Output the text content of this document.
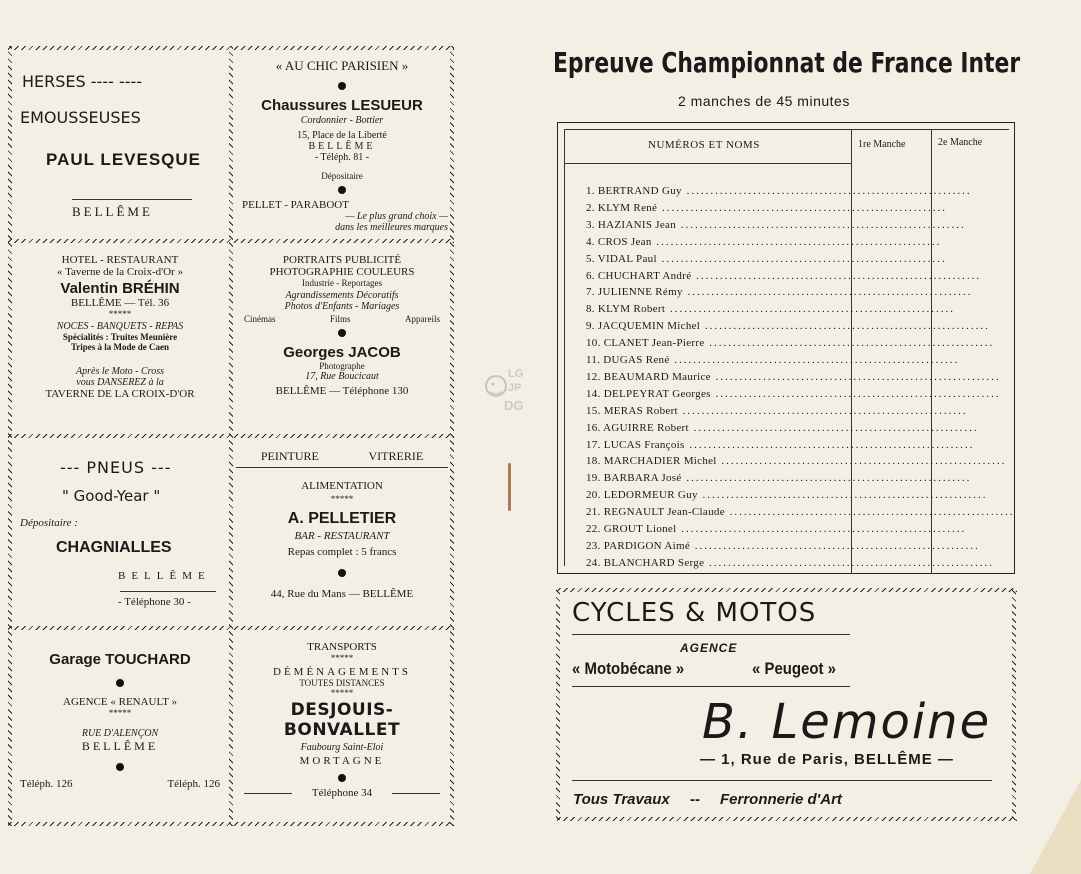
HERSES ---- ----
EMOUSSEUSES
PAUL LEVESQUE
BELLÊME
« AU CHIC PARISIEN »
Chaussures LESUEUR
Cordonnier - Bottier
15, Place de la Liberté
BELLÊME
- Téléph. 81 -
Dépositaire
PELLET - PARABOOT
— Le plus grand choix —
dans les meilleures marques
HOTEL - RESTAURANT
« Taverne de la Croix-d'Or »
Valentin BRÉHIN
BELLÊME — Tél. 36
*****
NOCES - BANQUETS - REPAS
Spécialités : Truites Meunière
Tripes à la Mode de Caen
Après le Moto - Cross
vous DANSEREZ à la
TAVERNE DE LA CROIX-D'OR
PORTRAITS PUBLICITÉ
PHOTOGRAPHIE COULEURS
Industrie - Reportages
Agrandissements Décoratifs
Photos d'Enfants - Mariages
Cinémas	Films	Appareils
Georges JACOB
Photographe
17, Rue Boucicaut
BELLÊME — Téléphone 130
--- PNEUS ---
" Good-Year "
Dépositaire :
CHAGNIALLES
BELLÊME
- Téléphone 30 -
PEINTURE	VITRERIE
ALIMENTATION
*****
A. PELLETIER
BAR - RESTAURANT
Repas complet : 5 francs
44, Rue du Mans — BELLÊME
Garage TOUCHARD
AGENCE « RENAULT »
*****
RUE D'ALENÇON
BELLÊME
Téléph. 126	Téléph. 126
TRANSPORTS
*****
DÉMÉNAGEMENTS
TOUTES DISTANCES
*****
DESJOUIS-BONVALLET
Faubourg Saint-Eloi
MORTAGNE
Téléphone 34
LG
JP
DG
Epreuve Championnat de France Inter
2 manches de 45 minutes
NUMÉROS ET NOMS	1re Manche	2e Manche
1. BERTRAND Guy ............................................................
2. KLYM René ............................................................
3. HAZIANIS Jean ............................................................
4. CROS Jean ............................................................
5. VIDAL Paul ............................................................
6. CHUCHART André ............................................................
7. JULIENNE Rémy ............................................................
8. KLYM Robert ............................................................
9. JACQUEMIN Michel ............................................................
10. CLANET Jean-Pierre ............................................................
11. DUGAS René ............................................................
12. BEAUMARD Maurice ............................................................
14. DELPEYRAT Georges ............................................................
15. MERAS Robert ............................................................
16. AGUIRRE Robert ............................................................
17. LUCAS François ............................................................
18. MARCHADIER Michel ............................................................
19. BARBARA José ............................................................
20. LEDORMEUR Guy ............................................................
21. REGNAULT Jean-Claude ............................................................
22. GROUT Lionel ............................................................
23. PARDIGON Aimé ............................................................
24. BLANCHARD Serge ............................................................
CYCLES & MOTOS
AGENCE
« Motobécane »	« Peugeot »
B. Lemoine
— 1, Rue de Paris, BELLÊME —
Tous Travaux -- Ferronnerie d'Art
